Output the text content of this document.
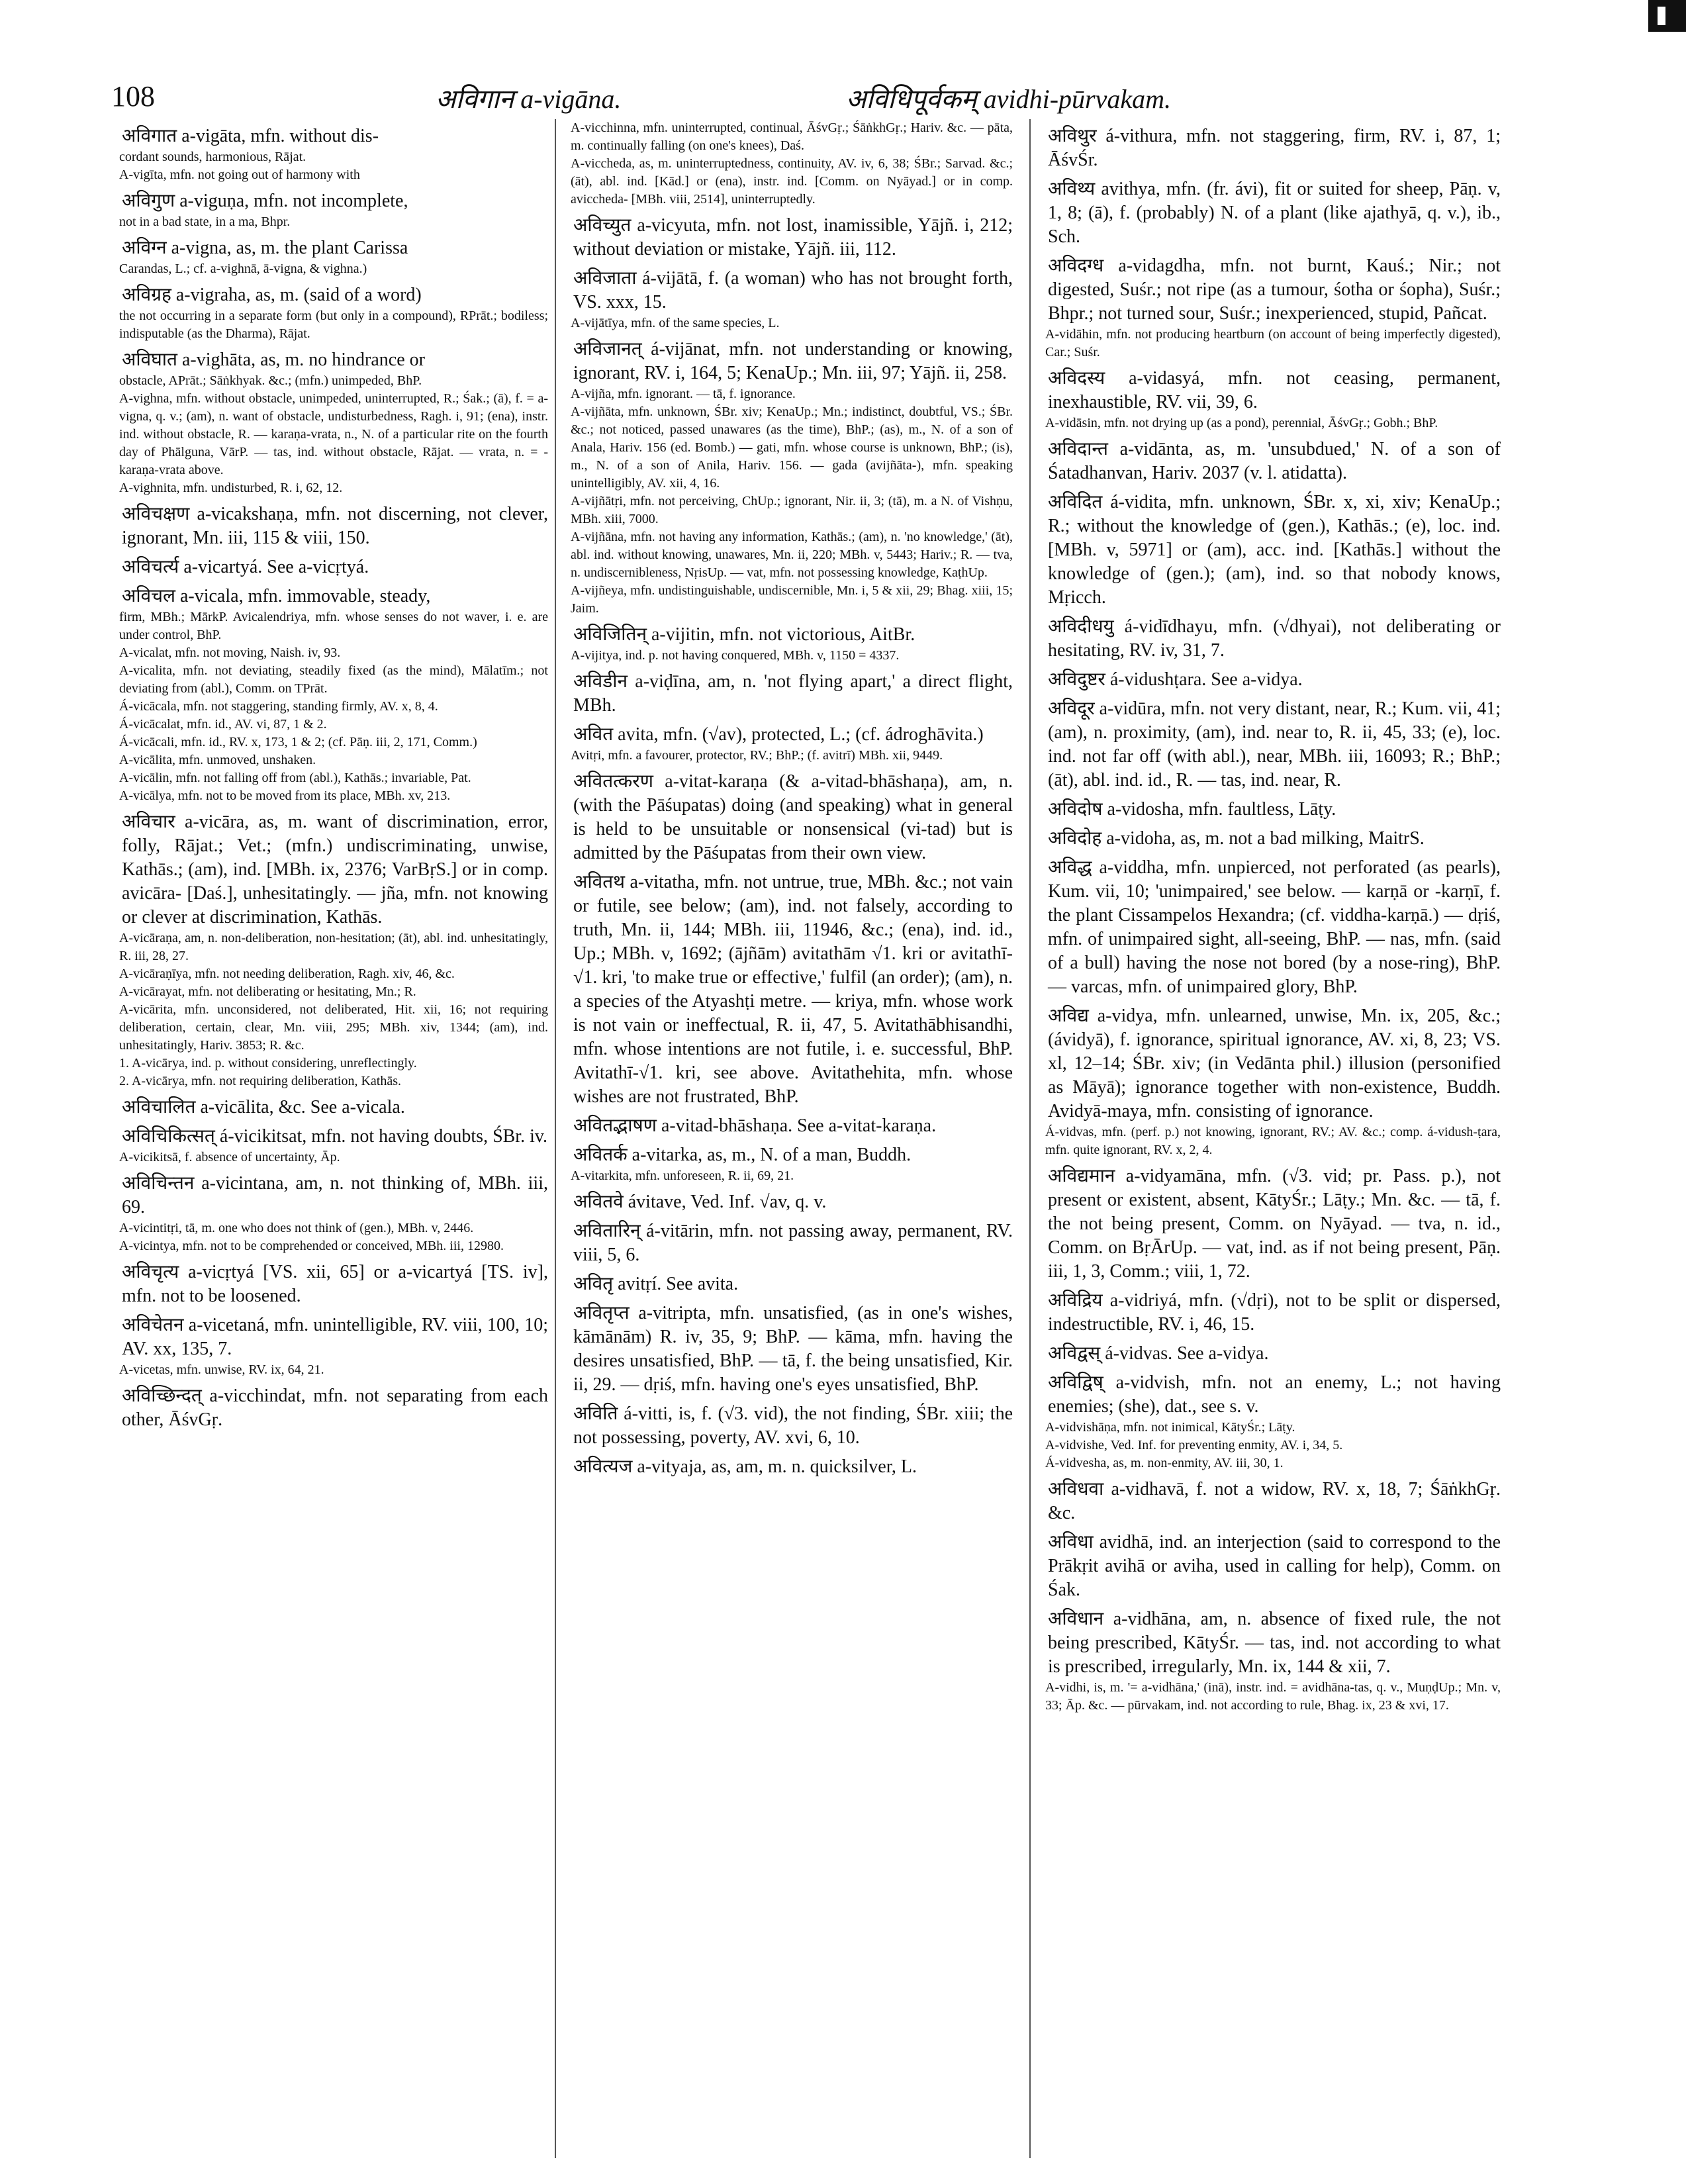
108	अविगान a-vigāna.	अविधिपूर्वकम् avidhi-pūrvakam.

अविगात a-vigāta, mfn. without dis-

cordant sounds, harmonious, Rājat.

A-vigīta, mfn. not going out of harmony with

अविगुण a-viguṇa, mfn. not incomplete,

not in a bad state, in a ma, Bhpr.

अविग्न a-vigna, as, m. the plant Carissa

Carandas, L.; cf. a-vighnā, ā-vigna, & vighna.)

अविग्रह a-vigraha, as, m. (said of a word)

the not occurring in a separate form (but only in a compound), RPrāt.; bodiless; indisputable (as the Dharma), Rājat.

अविघात a-vighāta, as, m. no hindrance or

obstacle, APrāt.; Sāṅkhyak. &c.; (mfn.) unimpeded, BhP.

A-vighna, mfn. without obstacle, unimpeded, uninterrupted, R.; Śak.; (ā), f. = a-vigna, q. v.; (am), n. want of obstacle, undisturbedness, Ragh. i, 91; (ena), instr. ind. without obstacle, R. — karaṇa-vrata, n., N. of a particular rite on the fourth day of Phālguna, VārP. — tas, ind. without obstacle, Rājat. — vrata, n. = -karaṇa-vrata above.

A-vighnita, mfn. undisturbed, R. i, 62, 12.

अविचक्षण a-vicakshaṇa, mfn. not discerning, not clever, ignorant, Mn. iii, 115 & viii, 150.

अविचर्त्य a-vicartyá. See a-vicṛtyá.

अविचल a-vicala, mfn. immovable, steady,

firm, MBh.; MārkP. Avicalendriya, mfn. whose senses do not waver, i. e. are under control, BhP.

A-vicalat, mfn. not moving, Naish. iv, 93.

A-vicalita, mfn. not deviating, steadily fixed (as the mind), Mālatīm.; not deviating from (abl.), Comm. on TPrāt.

Á-vicācala, mfn. not staggering, standing firmly, AV. x, 8, 4.

Á-vicācalat, mfn. id., AV. vi, 87, 1 & 2.

Á-vicācali, mfn. id., RV. x, 173, 1 & 2; (cf. Pāṇ. iii, 2, 171, Comm.)

A-vicālita, mfn. unmoved, unshaken.

A-vicālin, mfn. not falling off from (abl.), Kathās.; invariable, Pat.

A-vicālya, mfn. not to be moved from its place, MBh. xv, 213.

अविचार a-vicāra, as, m. want of discrimination, error, folly, Rājat.; Vet.; (mfn.) undiscriminating, unwise, Kathās.; (am), ind. [MBh. ix, 2376; VarBṛS.] or in comp. avicāra- [Daś.], unhesitatingly. — jña, mfn. not knowing or clever at discrimination, Kathās.

A-vicāraṇa, am, n. non-deliberation, non-hesitation; (āt), abl. ind. unhesitatingly, R. iii, 28, 27.

A-vicāraṇīya, mfn. not needing deliberation, Ragh. xiv, 46, &c.

A-vicārayat, mfn. not deliberating or hesitating, Mn.; R.

A-vicārita, mfn. unconsidered, not deliberated, Hit. xii, 16; not requiring deliberation, certain, clear, Mn. viii, 295; MBh. xiv, 1344; (am), ind. unhesitatingly, Hariv. 3853; R. &c.

1. A-vicārya, ind. p. without considering, unreflectingly.

2. A-vicārya, mfn. not requiring deliberation, Kathās.

अविचालित a-vicālita, &c. See a-vicala.

अविचिकित्सत् á-vicikitsat, mfn. not having doubts, ŚBr. iv.

A-vicikitsā, f. absence of uncertainty, Āp.

अविचिन्तन a-vicintana, am, n. not thinking of, MBh. iii, 69.

A-vicintitṛi, tā, m. one who does not think of (gen.), MBh. v, 2446.

A-vicintya, mfn. not to be comprehended or conceived, MBh. iii, 12980.

अविचृत्य a-vicṛtyá [VS. xii, 65] or a-vicartyá [TS. iv], mfn. not to be loosened.

अविचेतन a-vicetaná, mfn. unintelligible, RV. viii, 100, 10; AV. xx, 135, 7.

A-vicetas, mfn. unwise, RV. ix, 64, 21.

अविच्छिन्दत् a-vicchindat, mfn. not separating from each other, ĀśvGṛ.

A-vicchinna, mfn. uninterrupted, continual, ĀśvGṛ.; ŚāṅkhGṛ.; Hariv. &c. — pāta, m. continually falling (on one's knees), Daś.

A-viccheda, as, m. uninterruptedness, continuity, AV. iv, 6, 38; ŚBr.; Sarvad. &c.; (āt), abl. ind. [Kād.] or (ena), instr. ind. [Comm. on Nyāyad.] or in comp. aviccheda- [MBh. viii, 2514], uninterruptedly.

अविच्युत a-vicyuta, mfn. not lost, inamissible, Yājñ. i, 212; without deviation or mistake, Yājñ. iii, 112.

अविजाता á-vijātā, f. (a woman) who has not brought forth, VS. xxx, 15.

A-vijātīya, mfn. of the same species, L.

अविजानत् á-vijānat, mfn. not understanding or knowing, ignorant, RV. i, 164, 5; KenaUp.; Mn. iii, 97; Yājñ. ii, 258.

A-vijña, mfn. ignorant. — tā, f. ignorance.

A-vijñāta, mfn. unknown, ŚBr. xiv; KenaUp.; Mn.; indistinct, doubtful, VS.; ŚBr. &c.; not noticed, passed unawares (as the time), BhP.; (as), m., N. of a son of Anala, Hariv. 156 (ed. Bomb.) — gati, mfn. whose course is unknown, BhP.; (is), m., N. of a son of Anila, Hariv. 156. — gada (avijñāta-), mfn. speaking unintelligibly, AV. xii, 4, 16.

A-vijñātṛi, mfn. not perceiving, ChUp.; ignorant, Nir. ii, 3; (tā), m. a N. of Vishṇu, MBh. xiii, 7000.

A-vijñāna, mfn. not having any information, Kathās.; (am), n. 'no knowledge,' (āt), abl. ind. without knowing, unawares, Mn. ii, 220; MBh. v, 5443; Hariv.; R. — tva, n. undiscernibleness, NṛisUp. — vat, mfn. not possessing knowledge, KaṭhUp.

A-vijñeya, mfn. undistinguishable, undiscernible, Mn. i, 5 & xii, 29; Bhag. xiii, 15; Jaim.

अविजितिन् a-vijitin, mfn. not victorious, AitBr.

A-vijitya, ind. p. not having conquered, MBh. v, 1150 = 4337.

अविडीन a-viḍīna, am, n. 'not flying apart,' a direct flight, MBh.

अवित avita, mfn. (√av), protected, L.; (cf. ádroghāvita.)

Avitṛi, mfn. a favourer, protector, RV.; BhP.; (f. avitrī) MBh. xii, 9449.

अवितत्करण a-vitat-karaṇa (& a-vitad-bhāshaṇa), am, n. (with the Pāśupatas) doing (and speaking) what in general is held to be unsuitable or nonsensical (vi-tad) but is admitted by the Pāśupatas from their own view.

अवितथ a-vitatha, mfn. not untrue, true, MBh. &c.; not vain or futile, see below; (am), ind. not falsely, according to truth, Mn. ii, 144; MBh. iii, 11946, &c.; (ena), ind. id., Up.; MBh. v, 1692; (ājñām) avitathām √1. kri or avitathī-√1. kri, 'to make true or effective,' fulfil (an order); (am), n. a species of the Atyashṭi metre. — kriya, mfn. whose work is not vain or ineffectual, R. ii, 47, 5. Avitathābhisandhi, mfn. whose intentions are not futile, i. e. successful, BhP. Avitathī-√1. kri, see above. Avitathehita, mfn. whose wishes are not frustrated, BhP.

अवितद्भाषण a-vitad-bhāshaṇa. See a-vitat-karaṇa.

अवितर्क a-vitarka, as, m., N. of a man, Buddh.

A-vitarkita, mfn. unforeseen, R. ii, 69, 21.

अवितवे ávitave, Ved. Inf. √av, q. v.

अवितारिन् á-vitārin, mfn. not passing away, permanent, RV. viii, 5, 6.

अवितृ avitṛí. See avita.

अवितृप्त a-vitripta, mfn. unsatisfied, (as in one's wishes, kāmānām) R. iv, 35, 9; BhP. — kāma, mfn. having the desires unsatisfied, BhP. — tā, f. the being unsatisfied, Kir. ii, 29. — dṛiś, mfn. having one's eyes unsatisfied, BhP.

अविति á-vitti, is, f. (√3. vid), the not finding, ŚBr. xiii; the not possessing, poverty, AV. xvi, 6, 10.

अवित्यज a-vityaja, as, am, m. n. quicksilver, L.

अविथुर á-vithura, mfn. not staggering, firm, RV. i, 87, 1; ĀśvŚr.

अविथ्य avithya, mfn. (fr. ávi), fit or suited for sheep, Pāṇ. v, 1, 8; (ā), f. (probably) N. of a plant (like ajathyā, q. v.), ib., Sch.

अविदग्ध a-vidagdha, mfn. not burnt, Kauś.; Nir.; not digested, Suśr.; not ripe (as a tumour, śotha or śopha), Suśr.; Bhpr.; not turned sour, Suśr.; inexperienced, stupid, Pañcat.

A-vidāhin, mfn. not producing heartburn (on account of being imperfectly digested), Car.; Suśr.

अविदस्य a-vidasyá, mfn. not ceasing, permanent, inexhaustible, RV. vii, 39, 6.

A-vidāsin, mfn. not drying up (as a pond), perennial, ĀśvGṛ.; Gobh.; BhP.

अविदान्त a-vidānta, as, m. 'unsubdued,' N. of a son of Śatadhanvan, Hariv. 2037 (v. l. atidatta).

अविदित á-vidita, mfn. unknown, ŚBr. x, xi, xiv; KenaUp.; R.; without the knowledge of (gen.), Kathās.; (e), loc. ind. [MBh. v, 5971] or (am), acc. ind. [Kathās.] without the knowledge of (gen.); (am), ind. so that nobody knows, Mṛicch.

अविदीधयु á-vidīdhayu, mfn. (√dhyai), not deliberating or hesitating, RV. iv, 31, 7.

अविदुष्टर á-vidushṭara. See a-vidya.

अविदूर a-vidūra, mfn. not very distant, near, R.; Kum. vii, 41; (am), n. proximity, (am), ind. near to, R. ii, 45, 33; (e), loc. ind. not far off (with abl.), near, MBh. iii, 16093; R.; BhP.; (āt), abl. ind. id., R. — tas, ind. near, R.

अविदोष a-vidosha, mfn. faultless, Lāṭy.

अविदोह a-vidoha, as, m. not a bad milking, MaitrS.

अविद्ध a-viddha, mfn. unpierced, not perforated (as pearls), Kum. vii, 10; 'unimpaired,' see below. — karṇā or -karṇī, f. the plant Cissampelos Hexandra; (cf. viddha-karṇā.) — dṛiś, mfn. of unimpaired sight, all-seeing, BhP. — nas, mfn. (said of a bull) having the nose not bored (by a nose-ring), BhP. — varcas, mfn. of unimpaired glory, BhP.

अविद्य a-vidya, mfn. unlearned, unwise, Mn. ix, 205, &c.; (ávidyā), f. ignorance, spiritual ignorance, AV. xi, 8, 23; VS. xl, 12–14; ŚBr. xiv; (in Vedānta phil.) illusion (personified as Māyā); ignorance together with non-existence, Buddh. Avidyā-maya, mfn. consisting of ignorance.

Á-vidvas, mfn. (perf. p.) not knowing, ignorant, RV.; AV. &c.; comp. á-vidush-ṭara, mfn. quite ignorant, RV. x, 2, 4.

अविद्यमान a-vidyamāna, mfn. (√3. vid; pr. Pass. p.), not present or existent, absent, KātyŚr.; Lāṭy.; Mn. &c. — tā, f. the not being present, Comm. on Nyāyad. — tva, n. id., Comm. on BṛĀrUp. — vat, ind. as if not being present, Pāṇ. iii, 1, 3, Comm.; viii, 1, 72.

अविद्रिय a-vidriyá, mfn. (√dṛi), not to be split or dispersed, indestructible, RV. i, 46, 15.

अविद्वस् á-vidvas. See a-vidya.

अविद्विष् a-vidvish, mfn. not an enemy, L.; not having enemies; (she), dat., see s. v.

A-vidvishāṇa, mfn. not inimical, KātyŚr.; Lāṭy.

A-vidvishe, Ved. Inf. for preventing enmity, AV. i, 34, 5.

Á-vidvesha, as, m. non-enmity, AV. iii, 30, 1.

अविधवा a-vidhavā, f. not a widow, RV. x, 18, 7; ŚāṅkhGṛ. &c.

अविधा avidhā, ind. an interjection (said to correspond to the Prākṛit avihā or aviha, used in calling for help), Comm. on Śak.

अविधान a-vidhāna, am, n. absence of fixed rule, the not being prescribed, KātyŚr. — tas, ind. not according to what is prescribed, irregularly, Mn. ix, 144 & xii, 7.

A-vidhi, is, m. '= a-vidhāna,' (inā), instr. ind. = avidhāna-tas, q. v., MuṇḍUp.; Mn. v, 33; Āp. &c. — pūrvakam, ind. not according to rule, Bhag. ix, 23 & xvi, 17.
